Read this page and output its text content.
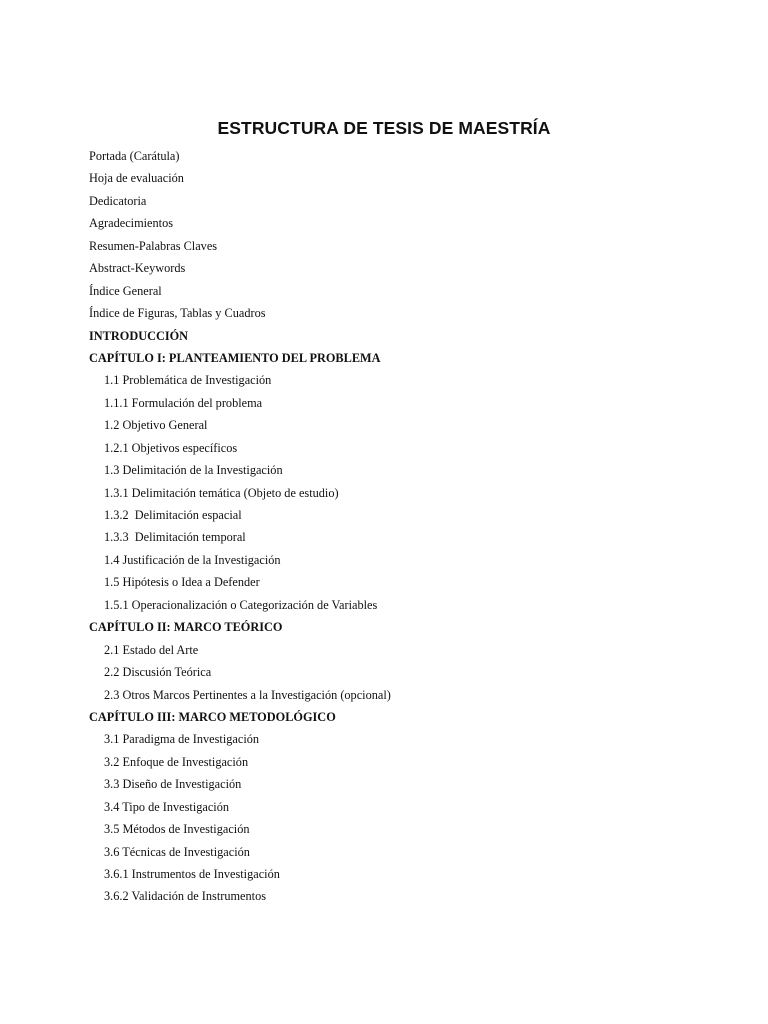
ESTRUCTURA DE TESIS DE MAESTRÍA
Portada (Carátula)
Hoja de evaluación
Dedicatoria
Agradecimientos
Resumen-Palabras Claves
Abstract-Keywords
Índice General
Índice de Figuras, Tablas y Cuadros
INTRODUCCIÓN
CAPÍTULO I: PLANTEAMIENTO DEL PROBLEMA
1.1 Problemática de Investigación
1.1.1 Formulación del problema
1.2 Objetivo General
1.2.1 Objetivos específicos
1.3 Delimitación de la Investigación
1.3.1 Delimitación temática (Objeto de estudio)
1.3.2  Delimitación espacial
1.3.3  Delimitación temporal
1.4 Justificación de la Investigación
1.5 Hipótesis o Idea a Defender
1.5.1 Operacionalización o Categorización de Variables
CAPÍTULO II: MARCO TEÓRICO
2.1 Estado del Arte
2.2 Discusión Teórica
2.3 Otros Marcos Pertinentes a la Investigación (opcional)
CAPÍTULO III: MARCO METODOLÓGICO
3.1 Paradigma de Investigación
3.2 Enfoque de Investigación
3.3 Diseño de Investigación
3.4 Tipo de Investigación
3.5 Métodos de Investigación
3.6 Técnicas de Investigación
3.6.1 Instrumentos de Investigación
3.6.2 Validación de Instrumentos
